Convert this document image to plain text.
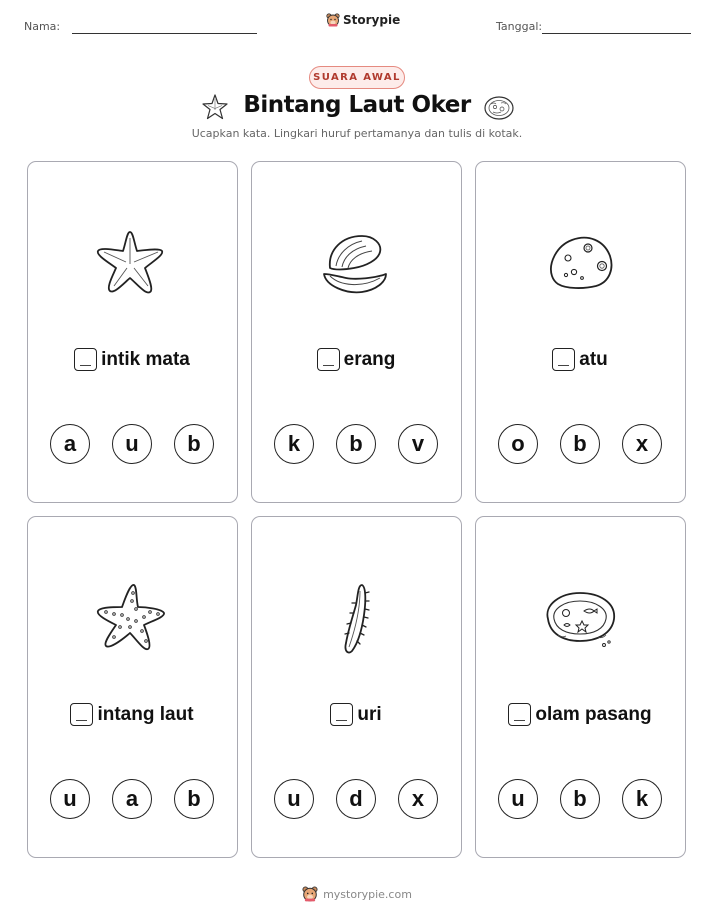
Nama:	Storypie	Tanggal:
SUARA AWAL
Bintang Laut Oker
Ucapkan kata. Lingkari huruf pertamanya dan tulis di kotak.
intik mata
a	u	b
erang
k	b	v
atu
o	b	x
intang laut
u	a	b
uri
u	d	x
olam pasang
u	b	k
mystorypie.com
